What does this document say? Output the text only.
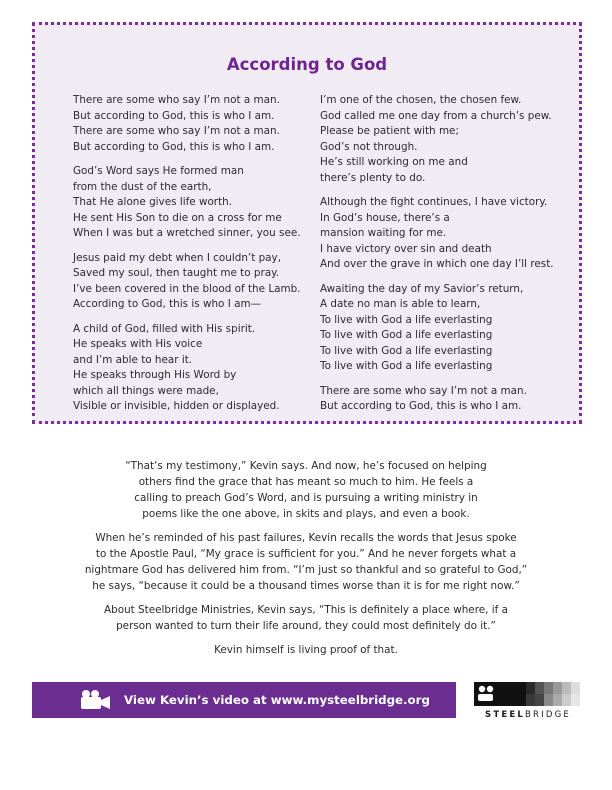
According to God
There are some who say I’m not a man.
But according to God, this is who I am.
There are some who say I’m not a man.
But according to God, this is who I am.
God’s Word says He formed man
from the dust of the earth,
That He alone gives life worth.
He sent His Son to die on a cross for me
When I was but a wretched sinner, you see.
Jesus paid my debt when I couldn’t pay,
Saved my soul, then taught me to pray.
I’ve been covered in the blood of the Lamb.
According to God, this is who I am—
A child of God, filled with His spirit.
He speaks with His voice
and I’m able to hear it.
He speaks through His Word by
which all things were made,
Visible or invisible, hidden or displayed.
I’m one of the chosen, the chosen few.
God called me one day from a church’s pew.
Please be patient with me;
God’s not through.
He’s still working on me and
there’s plenty to do.
Although the fight continues, I have victory.
In God’s house, there’s a
mansion waiting for me.
I have victory over sin and death
And over the grave in which one day I’ll rest.
Awaiting the day of my Savior’s return,
A date no man is able to learn,
To live with God a life everlasting
To live with God a life everlasting
To live with God a life everlasting
To live with God a life everlasting
There are some who say I’m not a man.
But according to God, this is who I am.

“That’s my testimony,” Kevin says. And now, he’s focused on helping
others find the grace that has meant so much to him. He feels a
calling to preach God’s Word, and is pursuing a writing ministry in
poems like the one above, in skits and plays, and even a book.

When he’s reminded of his past failures, Kevin recalls the words that Jesus spoke
to the Apostle Paul, “My grace is sufficient for you.” And he never forgets what a
nightmare God has delivered him from. “I’m just so thankful and so grateful to God,”
he says, “because it could be a thousand times worse than it is for me right now.”

About Steelbridge Ministries, Kevin says, “This is definitely a place where, if a
person wanted to turn their life around, they could most definitely do it.”

Kevin himself is living proof of that.

View Kevin’s video at www.mysteelbridge.org
STEELBRIDGE
